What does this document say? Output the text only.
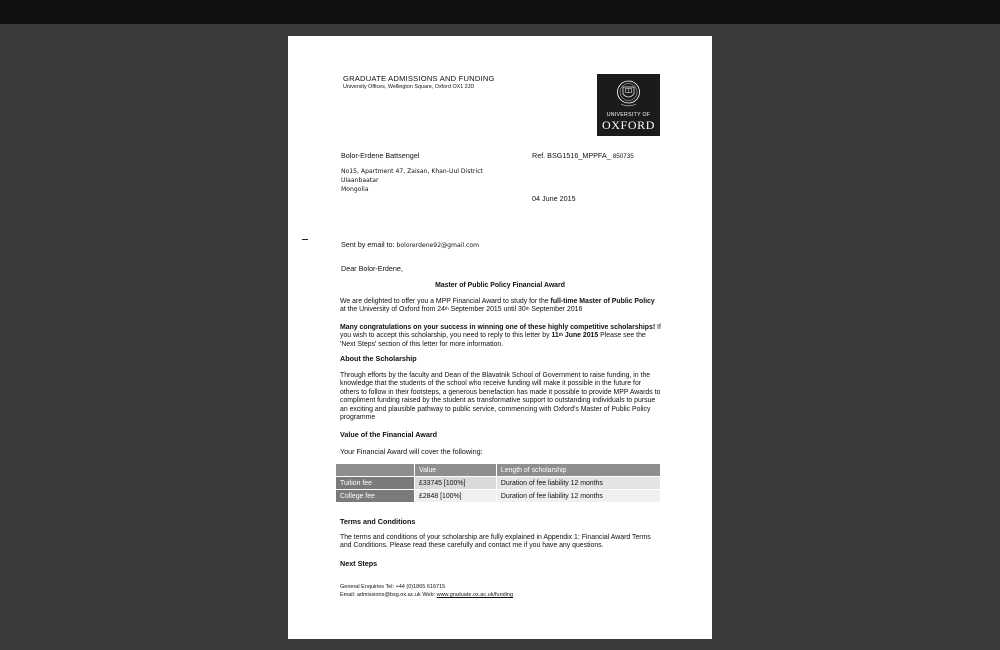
GRADUATE ADMISSIONS AND FUNDING
University Offices, Wellington Square, Oxford OX1 2JD
UNIVERSITY OF
OXFORD
Bolor-Erdene Battsengel	Ref. BSG1516_MPPFA_ 850735
No15, Apartment 47, Zaisan, Khan-Uul District
Ulaanbaatar
Mongolia
04 June 2015
Sent by email to: bolorerdene92@gmail.com
Dear Bolor-Erdene,
Master of Public Policy Financial Award
We are delighted to offer you a MPP Financial Award to study for the full-time Master of Public Policy at the University of Oxford from 24th September 2015 until 30th September 2016
Many congratulations on your success in winning one of these highly competitive scholarships! If you wish to accept this scholarship, you need to reply to this letter by 11th June 2015 Please see the 'Next Steps' section of this letter for more information.
About the Scholarship
Through efforts by the faculty and Dean of the Blavatnik School of Government to raise funding, in the knowledge that the students of the school who receive funding will make it possible in the future for others to follow in their footsteps, a generous benefaction has made it possible to provide MPP Awards to compliment funding raised by the student as transformative support to outstanding individuals to pursue an exciting and plausible pathway to public service, commencing with Oxford's Master of Public Policy programme
Value of the Financial Award
Your Financial Award will cover the following:
	Value	Length of scholarship
Tuition fee	£33745 [100%]	Duration of fee liability 12 months
College fee	£2848 [100%]	Duration of fee liability 12 months
Terms and Conditions
The terms and conditions of your scholarship are fully explained in Appendix 1: Financial Award Terms and Conditions. Please read these carefully and contact me if you have any questions.
Next Steps
General Enquiries Tel: +44 (0)1865 616715
Email: admissions@bsg.ox.ac.uk Web: www.graduate.ox.ac.uk/funding
